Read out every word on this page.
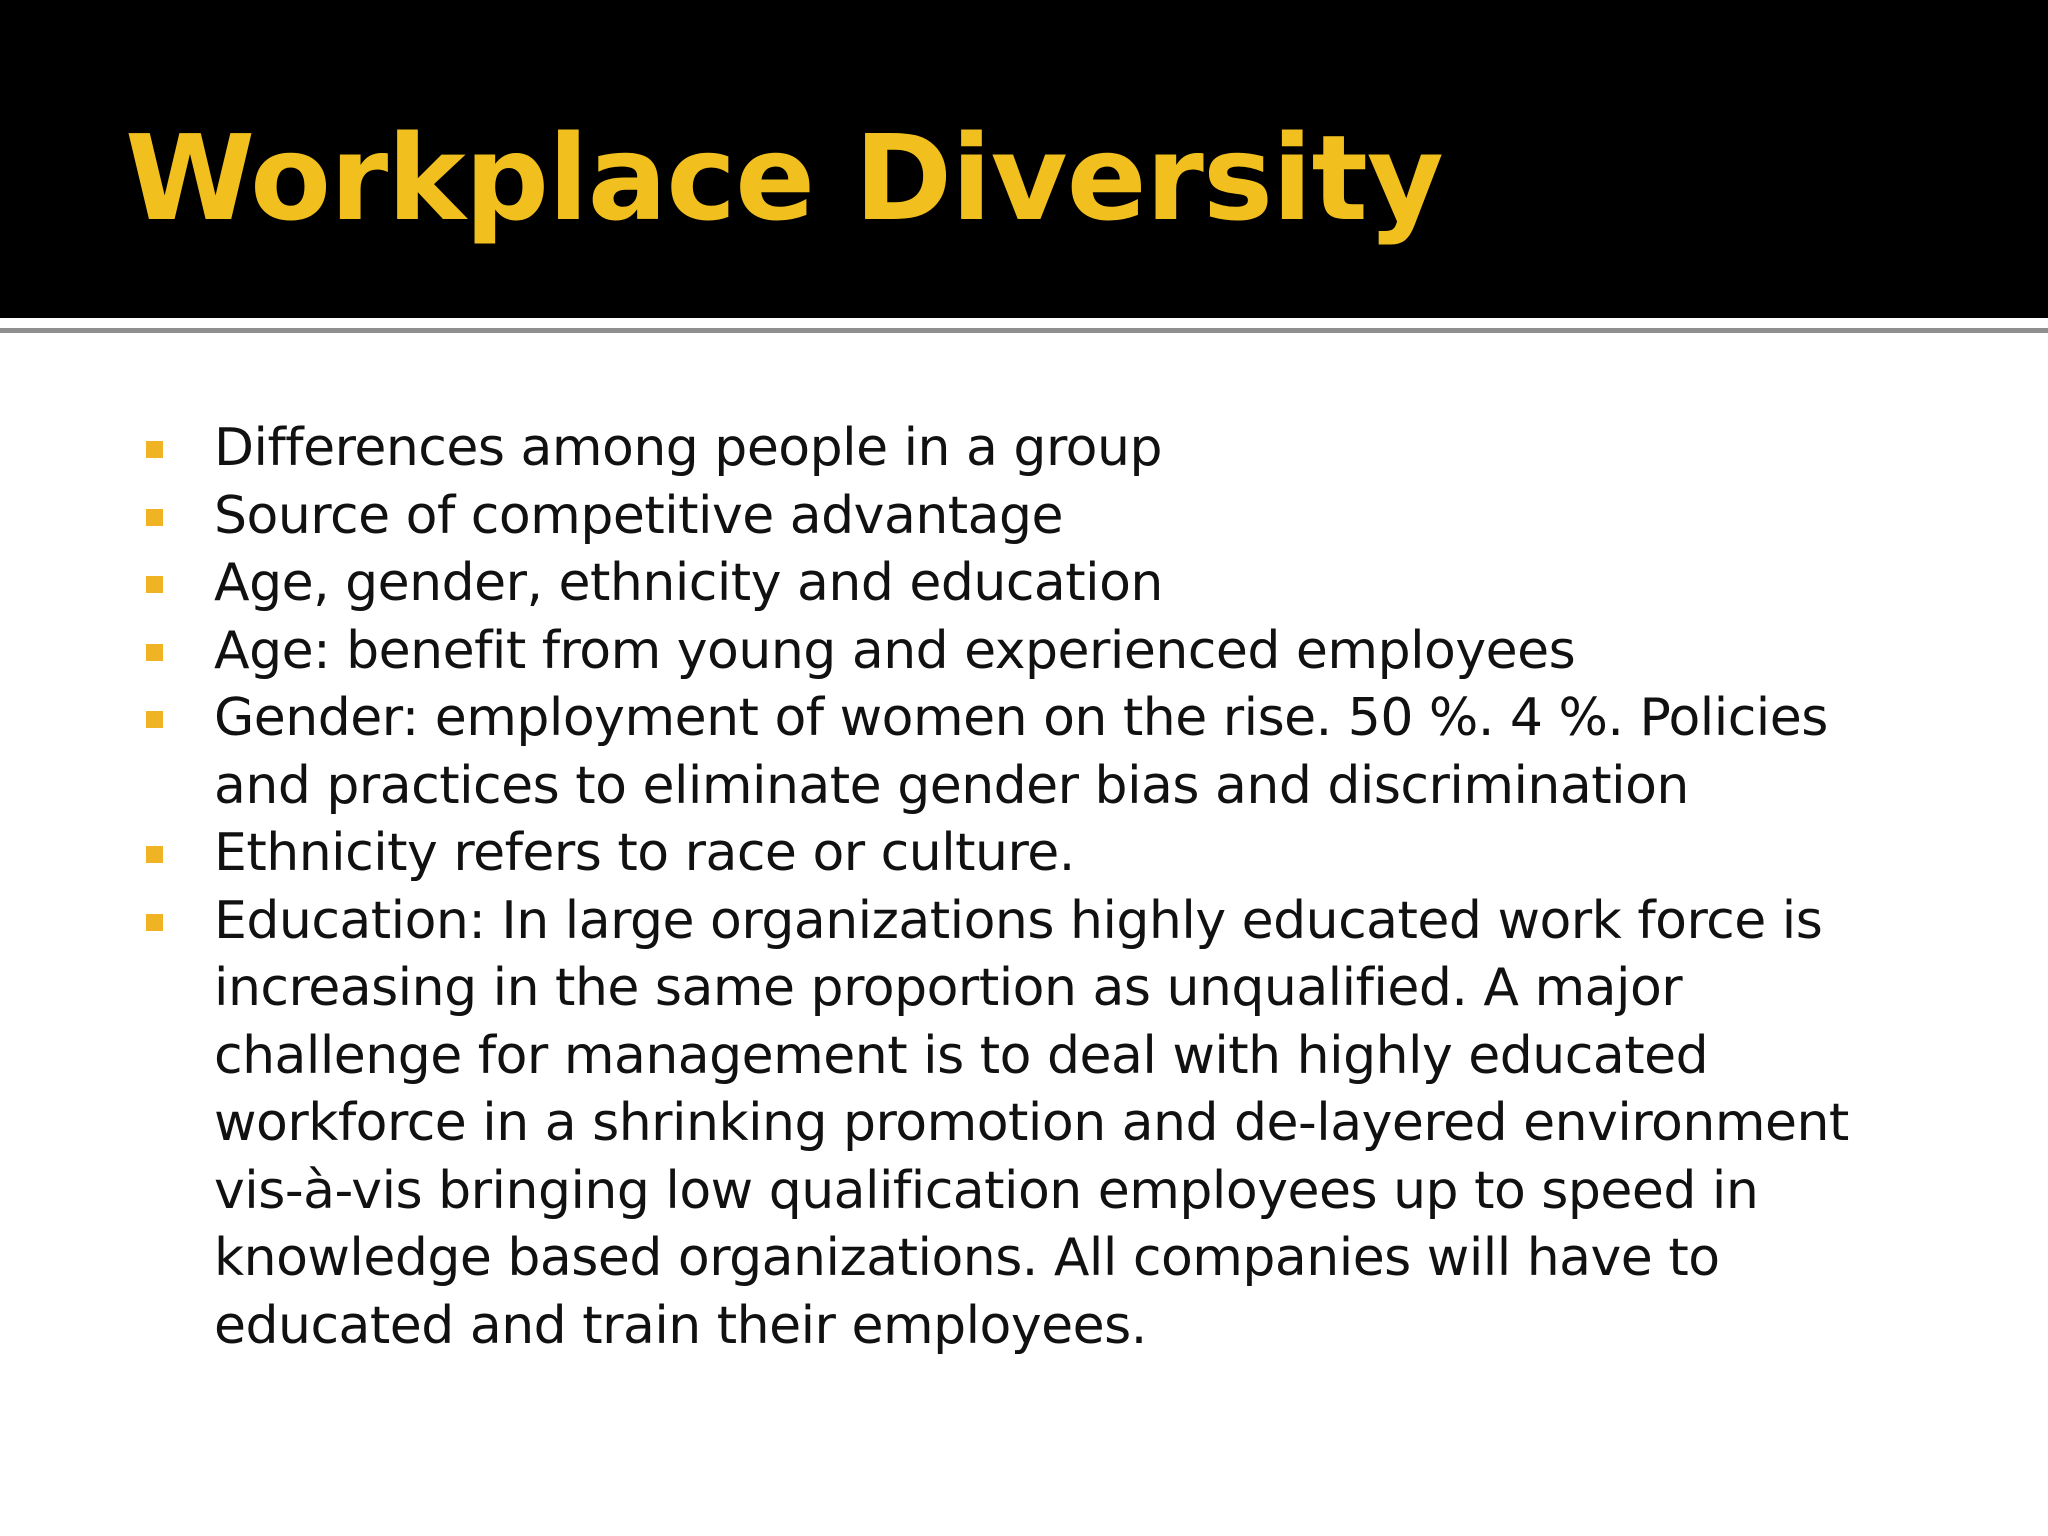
Workplace Diversity
Differences among people in a group
Source of competitive advantage
Age, gender, ethnicity and education
Age: benefit from young and experienced employees
Gender: employment of women on the rise. 50 %. 4 %. Policies and practices to eliminate gender bias and discrimination
Ethnicity refers to race or culture.
Education: In large organizations highly educated work force is increasing in the same proportion as unqualified. A major challenge for management is to deal with highly educated workforce in a shrinking promotion and de-layered environment vis-à-vis bringing low qualification employees up to speed in knowledge based organizations. All companies will have to educated and train their employees.
